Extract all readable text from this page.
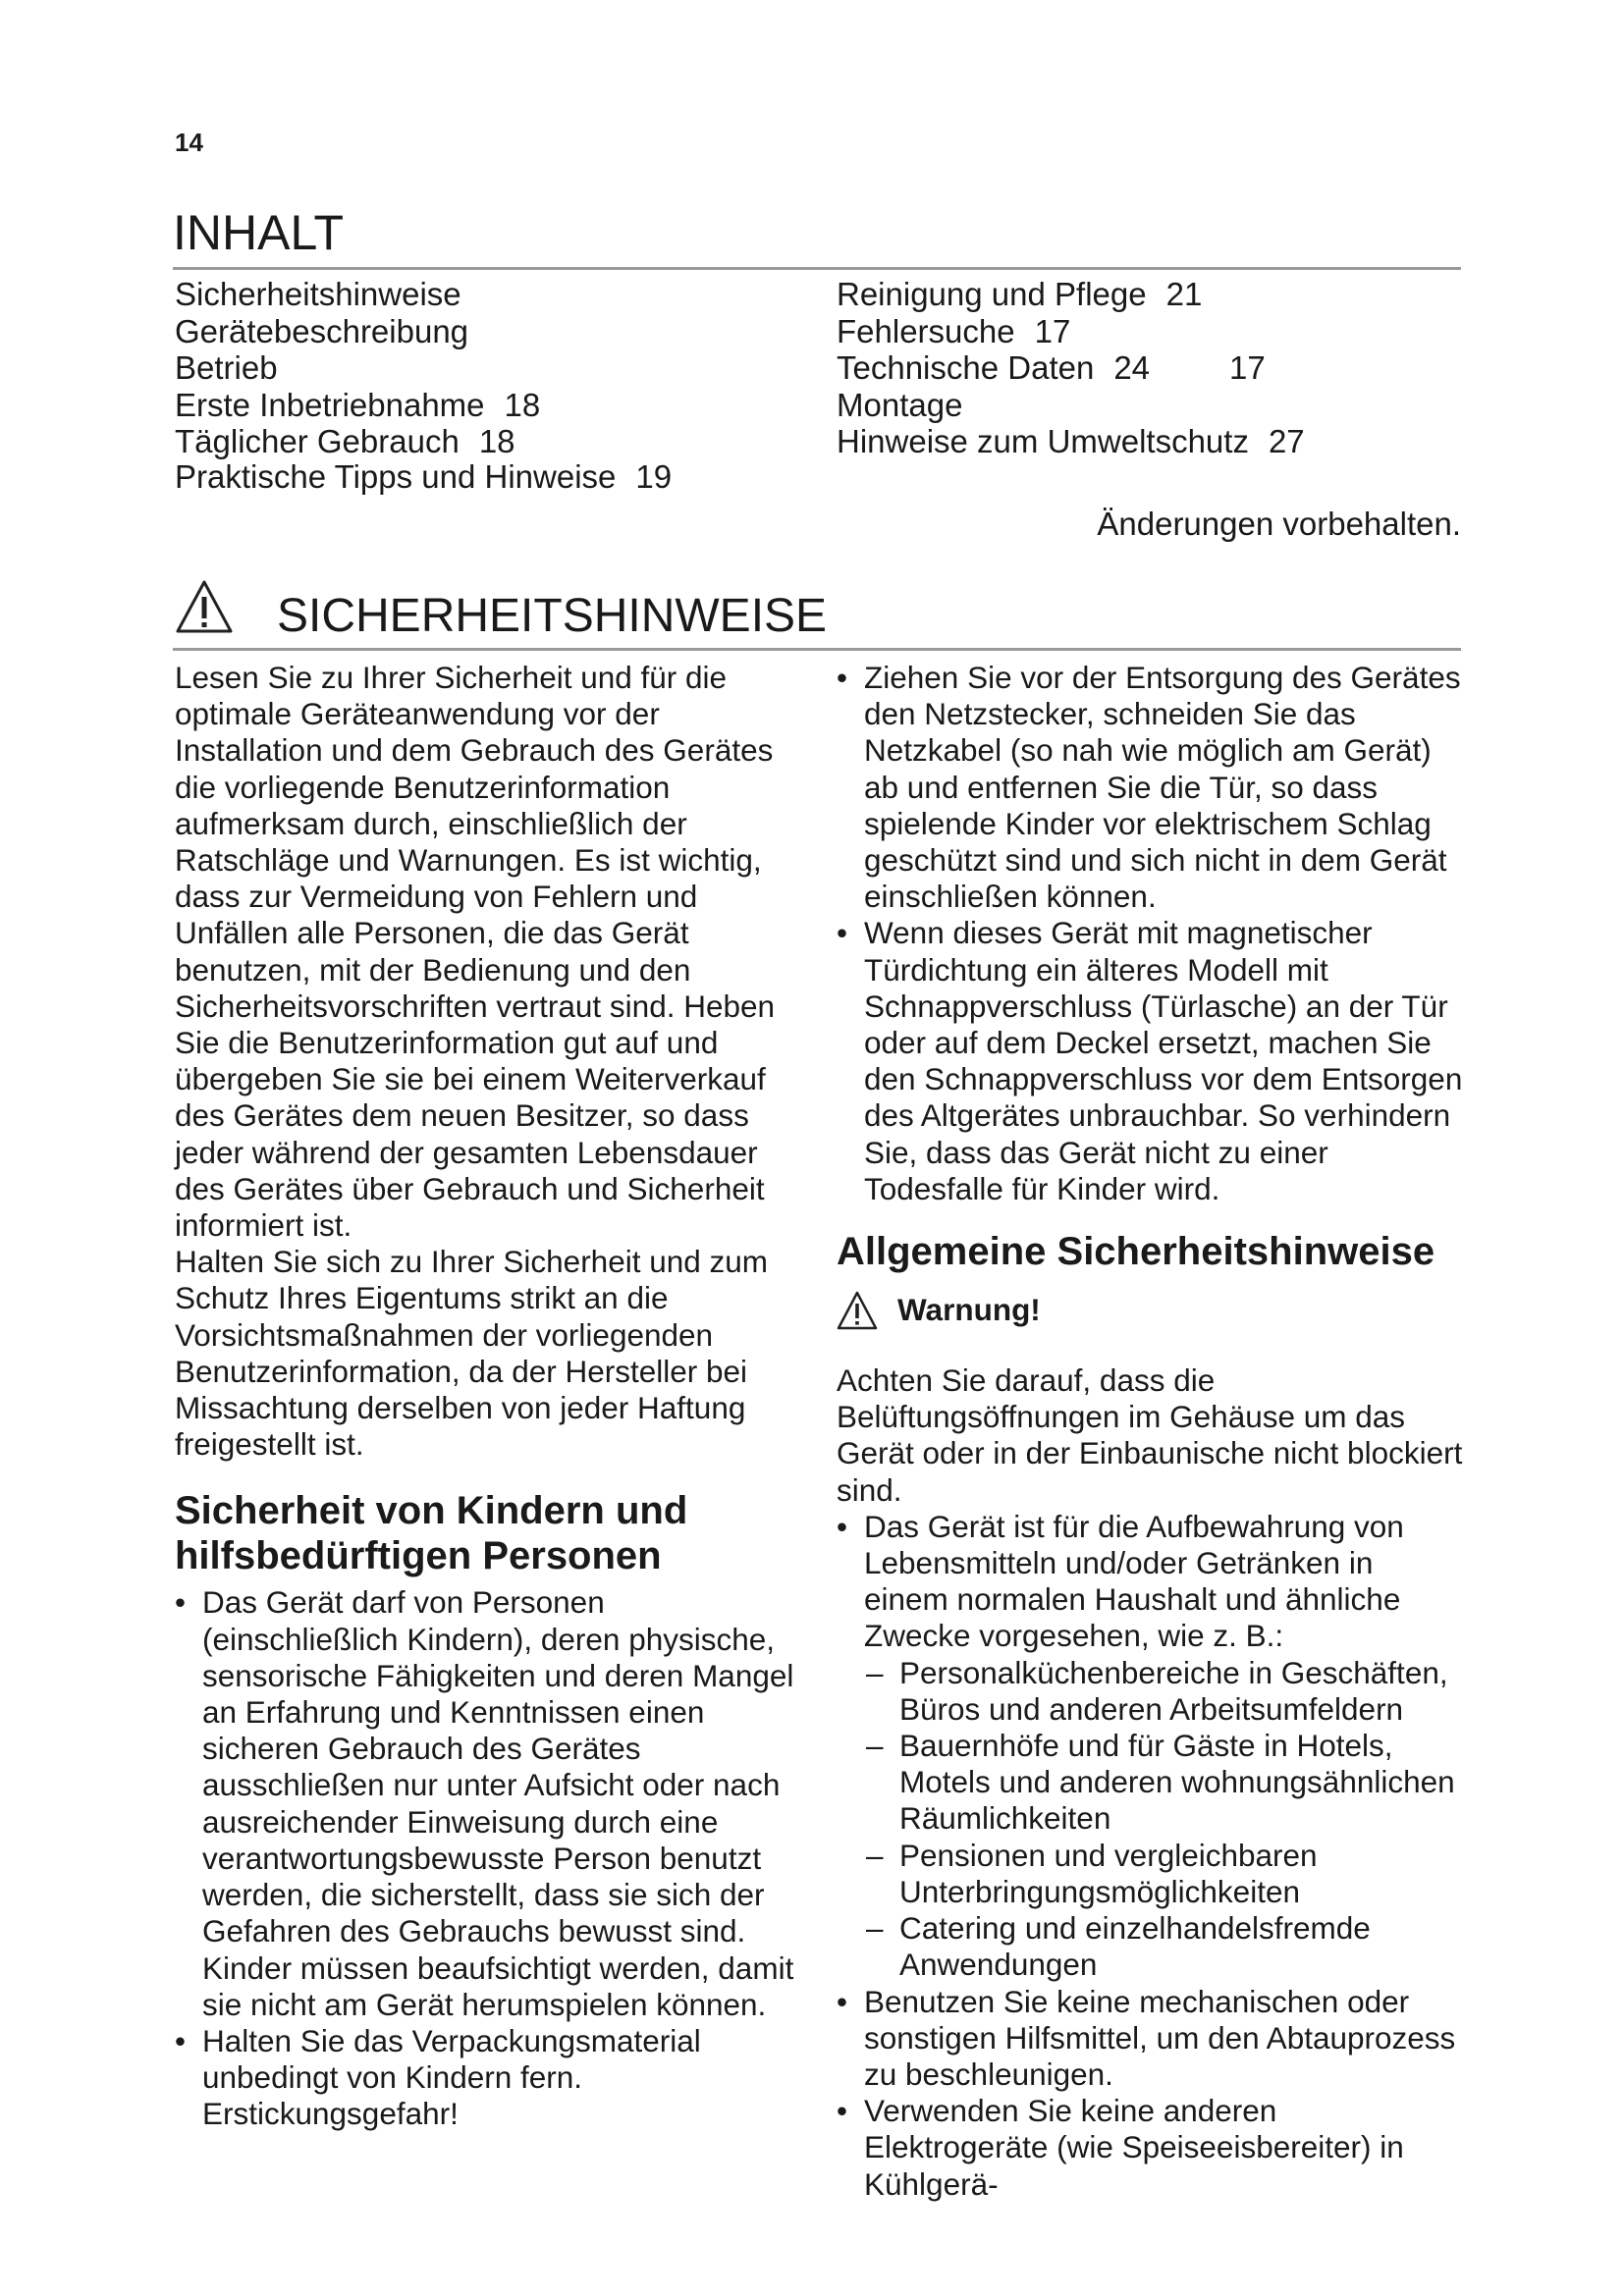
14
INHALT
Sicherheitshinweise
Gerätebeschreibung
Betrieb
Erste Inbetriebnahme 18
Täglicher Gebrauch 18
Praktische Tipps und Hinweise 19
Reinigung und Pflege 21
Fehlersuche 17
Technische Daten 24
Montage
Hinweise zum Umweltschutz 27
17
Änderungen vorbehalten.
SICHERHEITSHINWEISE

Lesen Sie zu Ihrer Sicherheit und für die optimale Geräteanwendung vor der Installation und dem Gebrauch des Gerätes die vorliegende Benutzerinformation aufmerksam durch, einschließlich der Ratschläge und Warnungen. Es ist wichtig, dass zur Vermeidung von Fehlern und Unfällen alle Personen, die das Gerät benutzen, mit der Bedienung und den Sicherheitsvorschriften vertraut sind. Heben Sie die Benutzerinformation gut auf und übergeben Sie sie bei einem Weiterverkauf des Gerätes dem neuen Besitzer, so dass jeder während der gesamten Lebensdauer des Gerätes über Gebrauch und Sicherheit informiert ist.

Halten Sie sich zu Ihrer Sicherheit und zum Schutz Ihres Eigentums strikt an die Vorsichtsmaßnahmen der vorliegenden Benutzerinformation, da der Hersteller bei Missachtung derselben von jeder Haftung freigestellt ist.

Sicherheit von Kindern und hilfsbedürftigen Personen

• Das Gerät darf von Personen (einschließlich Kindern), deren physische, sensorische Fähigkeiten und deren Mangel an Erfahrung und Kenntnissen einen sicheren Gebrauch des Gerätes ausschließen nur unter Aufsicht oder nach ausreichender Einweisung durch eine verantwortungsbewusste Person benutzt werden, die sicherstellt, dass sie sich der Gefahren des Gebrauchs bewusst sind.

Kinder müssen beaufsichtigt werden, damit sie nicht am Gerät herumspielen können.

• Halten Sie das Verpackungsmaterial unbedingt von Kindern fern. Erstickungsgefahr!

• Ziehen Sie vor der Entsorgung des Gerätes den Netzstecker, schneiden Sie das Netzkabel (so nah wie möglich am Gerät) ab und entfernen Sie die Tür, so dass spielende Kinder vor elektrischem Schlag geschützt sind und sich nicht in dem Gerät einschließen können.

• Wenn dieses Gerät mit magnetischer Türdichtung ein älteres Modell mit Schnappverschluss (Türlasche) an der Tür oder auf dem Deckel ersetzt, machen Sie den Schnappverschluss vor dem Entsorgen des Altgerätes unbrauchbar. So verhindern Sie, dass das Gerät nicht zu einer Todesfalle für Kinder wird.

Allgemeine Sicherheitshinweise
Warnung!

Achten Sie darauf, dass die Belüftungsöffnungen im Gehäuse um das Gerät oder in der Einbaunische nicht blockiert sind.

• Das Gerät ist für die Aufbewahrung von Lebensmitteln und/oder Getränken in einem normalen Haushalt und ähnliche Zwecke vorgesehen, wie z. B.:

– Personalküchenbereiche in Geschäften, Büros und anderen Arbeitsumfeldern

– Bauernhöfe und für Gäste in Hotels, Motels und anderen wohnungsähnlichen Räumlichkeiten

– Pensionen und vergleichbaren Unterbringungsmöglichkeiten

– Catering und einzelhandelsfremde Anwendungen

• Benutzen Sie keine mechanischen oder sonstigen Hilfsmittel, um den Abtauprozess zu beschleunigen.

• Verwenden Sie keine anderen Elektrogeräte (wie Speiseeisbereiter) in Kühlgerä-
